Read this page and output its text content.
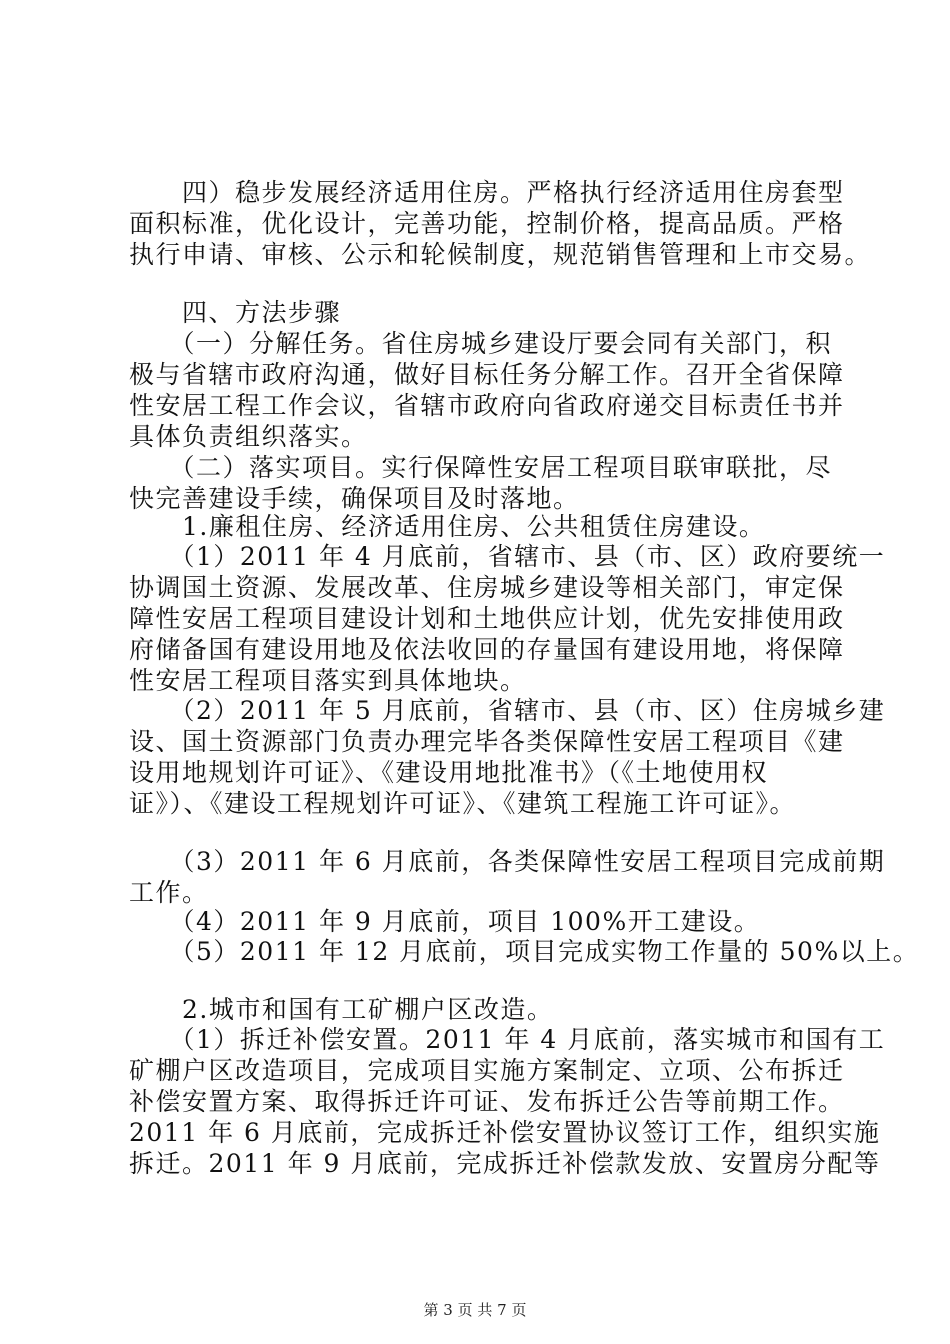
　　四）稳步发展经济适用住房。严格执行经济适用住房套型
面积标准，优化设计，完善功能，控制价格，提高品质。严格
执行申请、审核、公示和轮候制度，规范销售管理和上市交易。
　　四、方法步骤
　　（一）分解任务。省住房城乡建设厅要会同有关部门，积
极与省辖市政府沟通，做好目标任务分解工作。召开全省保障
性安居工程工作会议，省辖市政府向省政府递交目标责任书并
具体负责组织落实。
　　（二）落实项目。实行保障性安居工程项目联审联批，尽
快完善建设手续，确保项目及时落地。
　　1.廉租住房、经济适用住房、公共租赁住房建设。
　　（1）2011 年 4 月底前，省辖市、县（市、区）政府要统一
协调国土资源、发展改革、住房城乡建设等相关部门，审定保
障性安居工程项目建设计划和土地供应计划，优先安排使用政
府储备国有建设用地及依法收回的存量国有建设用地，将保障
性安居工程项目落实到具体地块。
　　（2）2011 年 5 月底前，省辖市、县（市、区）住房城乡建
设、国土资源部门负责办理完毕各类保障性安居工程项目《建
设用地规划许可证》、《建设用地批准书》（《土地使用权
证》）、《建设工程规划许可证》、《建筑工程施工许可证》。
　　（3）2011 年 6 月底前，各类保障性安居工程项目完成前期
工作。
　　（4）2011 年 9 月底前，项目 100%开工建设。
　　（5）2011 年 12 月底前，项目完成实物工作量的 50%以上。
　　2.城市和国有工矿棚户区改造。
　　（1）拆迁补偿安置。2011 年 4 月底前，落实城市和国有工
矿棚户区改造项目，完成项目实施方案制定、立项、公布拆迁
补偿安置方案、取得拆迁许可证、发布拆迁公告等前期工作。
2011 年 6 月底前，完成拆迁补偿安置协议签订工作，组织实施
拆迁。2011 年 9 月底前，完成拆迁补偿款发放、安置房分配等
第 3 页 共 7 页
